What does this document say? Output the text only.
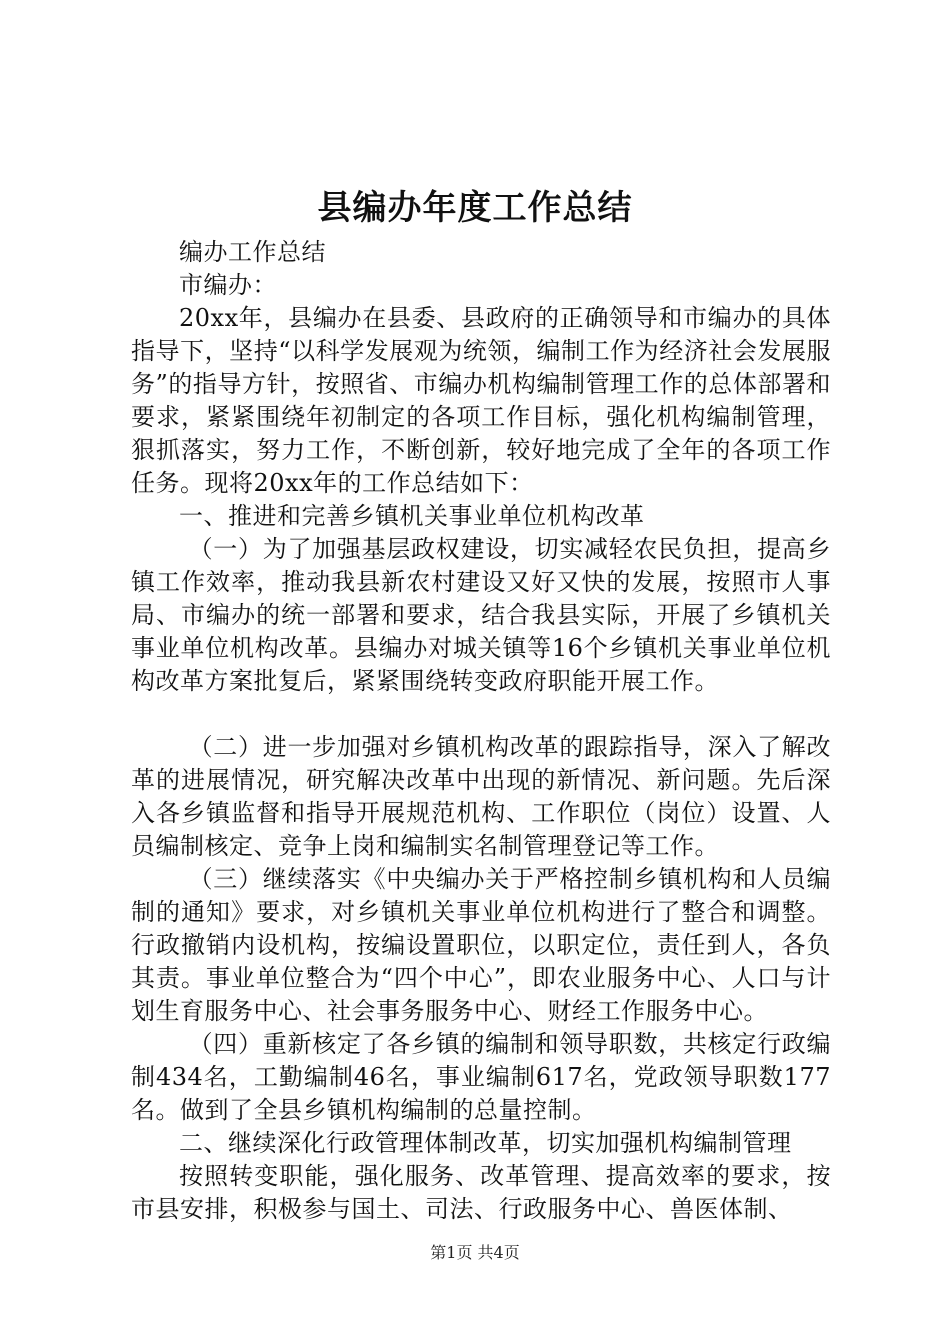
县编办年度工作总结

编办工作总结

市编办：

20xx年，县编办在县委、县政府的正确领导和市编办的具体指导下，坚持“以科学发展观为统领，编制工作为经济社会发展服务”的指导方针，按照省、市编办机构编制管理工作的总体部署和要求，紧紧围绕年初制定的各项工作目标，强化机构编制管理，狠抓落实，努力工作，不断创新，较好地完成了全年的各项工作任务。现将20xx年的工作总结如下：

一、推进和完善乡镇机关事业单位机构改革

（一）为了加强基层政权建设，切实减轻农民负担，提高乡镇工作效率，推动我县新农村建设又好又快的发展，按照市人事局、市编办的统一部署和要求，结合我县实际，开展了乡镇机关事业单位机构改革。县编办对城关镇等16个乡镇机关事业单位机构改革方案批复后，紧紧围绕转变政府职能开展工作。

（二）进一步加强对乡镇机构改革的跟踪指导，深入了解改革的进展情况，研究解决改革中出现的新情况、新问题。先后深入各乡镇监督和指导开展规范机构、工作职位（岗位）设置、人员编制核定、竞争上岗和编制实名制管理登记等工作。

（三）继续落实《中央编办关于严格控制乡镇机构和人员编制的通知》要求，对乡镇机关事业单位机构进行了整合和调整。行政撤销内设机构，按编设置职位，以职定位，责任到人，各负其责。事业单位整合为“四个中心”，即农业服务中心、人口与计划生育服务中心、社会事务服务中心、财经工作服务中心。

（四）重新核定了各乡镇的编制和领导职数，共核定行政编制434名，工勤编制46名，事业编制617名，党政领导职数177名。做到了全县乡镇机构编制的总量控制。

二、继续深化行政管理体制改革，切实加强机构编制管理

按照转变职能，强化服务、改革管理、提高效率的要求，按市县安排，积极参与国土、司法、行政服务中心、兽医体制、

第1页 共4页
